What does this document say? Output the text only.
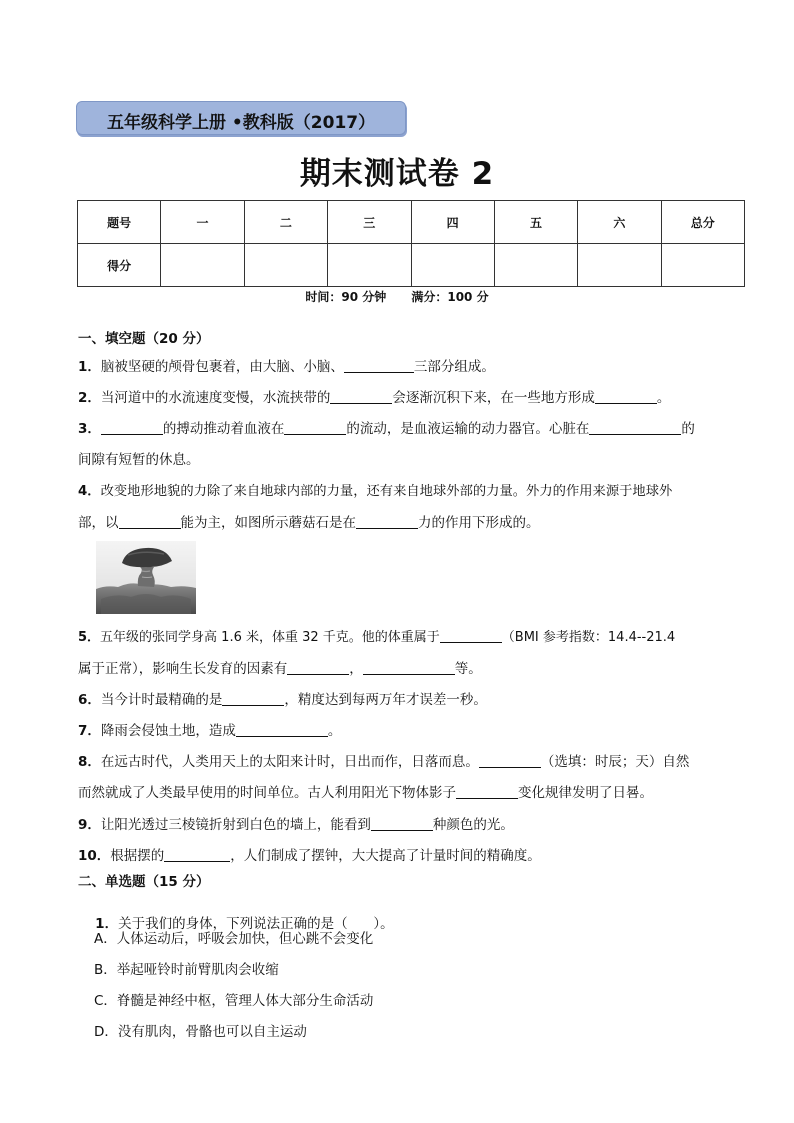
五年级科学上册 •教科版（2017）
期末测试卷 2
题号	一	二	三	四	五	六	总分
得分							
时间：90 分钟      满分：100 分
一、填空题（20 分）
1．脑被坚硬的颅骨包裹着，由大脑、小脑、	三部分组成。
2．当河道中的水流速度变慢，水流挟带的	会逐渐沉积下来，在一些地方形成	。
3．	的搏动推动着血液在	的流动，是血液运输的动力器官。心脏在	的
间隙有短暂的休息。
4．改变地形地貌的力除了来自地球内部的力量，还有来自地球外部的力量。外力的作用来源于地球外
部，以	能为主，如图所示蘑菇石是在	力的作用下形成的。
5．五年级的张同学身高 1.6 米，体重 32 千克。他的体重属于	（BMI 参考指数：14.4--21.4
属于正常），影响生长发育的因素有	，	等。
6．当今计时最精确的是	，精度达到每两万年才误差一秒。
7．降雨会侵蚀土地，造成	。
8．在远古时代，人类用天上的太阳来计时，日出而作，日落而息。	（选填：时辰；天）自然
而然就成了人类最早使用的时间单位。古人利用阳光下物体影子	变化规律发明了日晷。
9．让阳光透过三棱镜折射到白色的墙上，能看到	种颜色的光。
10．根据摆的	，人们制成了摆钟，大大提高了计量时间的精确度。
二、单选题（15 分）

1．关于我们的身体，下列说法正确的是（      ）。

A．人体运动后，呼吸会加快，但心跳不会变化
B．举起哑铃时前臂肌肉会收缩
C．脊髓是神经中枢，管理人体大部分生命活动
D．没有肌肉，骨骼也可以自主运动
